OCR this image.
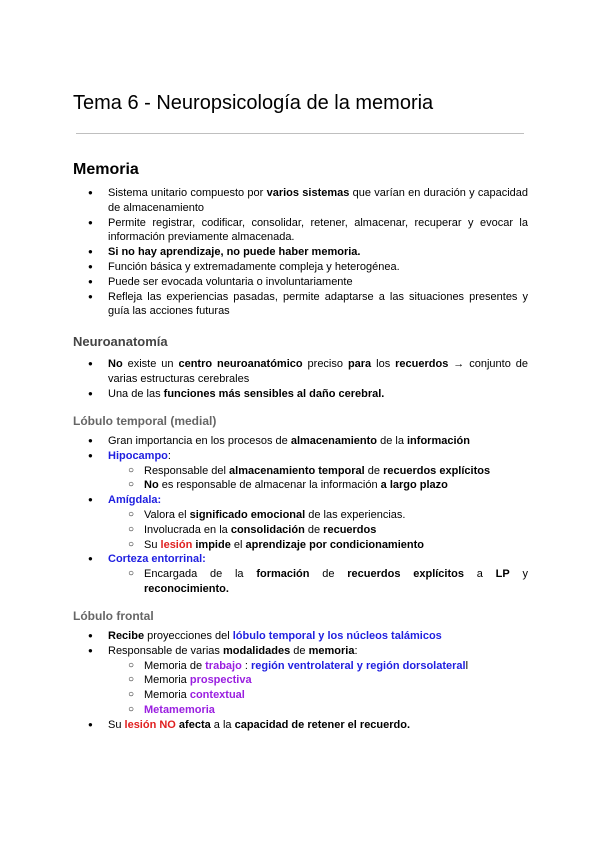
Tema 6 - Neuropsicología de la memoria
Memoria
● Sistema unitario compuesto por varios sistemas que varían en duración y capacidad de almacenamiento
● Permite registrar, codificar, consolidar, retener, almacenar, recuperar y evocar la información previamente almacenada.
● Si no hay aprendizaje, no puede haber memoria.
● Función básica y extremadamente compleja y heterogénea.
● Puede ser evocada voluntaria o involuntariamente
● Refleja las experiencias pasadas, permite adaptarse a las situaciones presentes y guía las acciones futuras
Neuroanatomía
● No existe un centro neuroanatómico preciso para los recuerdos → conjunto de varias estructuras cerebrales
● Una de las funciones más sensibles al daño cerebral.
Lóbulo temporal (medial)
● Gran importancia en los procesos de almacenamiento de la información
● Hipocampo:
○ Responsable del almacenamiento temporal de recuerdos explícitos
○ No es responsable de almacenar la información a largo plazo
● Amígdala:
○ Valora el significado emocional de las experiencias.
○ Involucrada en la consolidación de recuerdos
○ Su lesión impide el aprendizaje por condicionamiento
● Corteza entorrinal:
○ Encargada de la formación de recuerdos explícitos a LP y reconocimiento.
Lóbulo frontal
● Recibe proyecciones del lóbulo temporal y los núcleos talámicos
● Responsable de varias modalidades de memoria:
○ Memoria de trabajo : región ventrolateral y región dorsolaterall
○ Memoria prospectiva
○ Memoria contextual
○ Metamemoria
● Su lesión NO afecta a la capacidad de retener el recuerdo.
